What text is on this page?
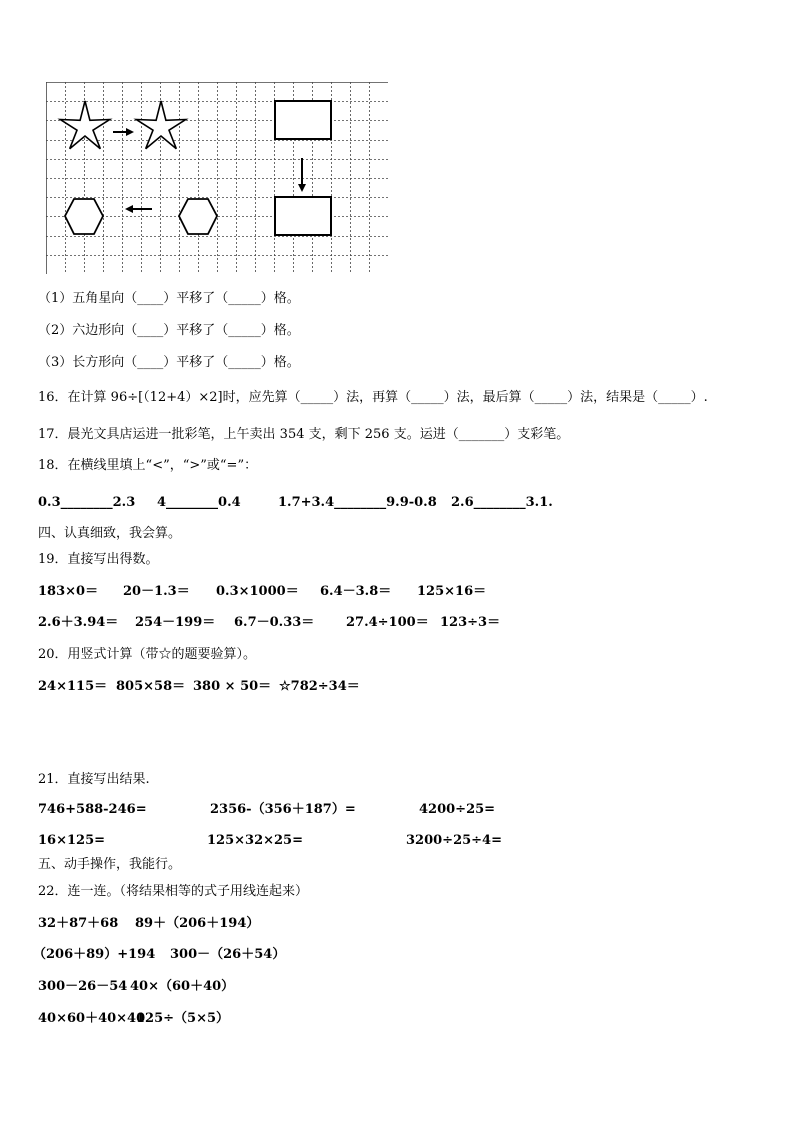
（1）五角星向（____）平移了（_____）格。
（2）六边形向（____）平移了（_____）格。
（3）长方形向（____）平移了（_____）格。
16．在计算 96÷[（12+4）×2]时，应先算（_____）法，再算（_____）法，最后算（_____）法，结果是（_____）.
17．晨光文具店运进一批彩笔，上午卖出 354 支，剩下 256 支。运进（_______）支彩笔。
18．在横线里填上“<”，“>”或“=”：
0.3________2.3 4________0.4	1.7+3.4________9.9-0.8 2.6________3.1.
四、认真细致，我会算。
19．直接写出得数。
183×0＝ 20－1.3＝ 0.3×1000＝ 6.4－3.8＝ 125×16＝
2.6＋3.94＝ 254－199＝ 6.7－0.33＝ 27.4÷100＝ 123÷3＝
20．用竖式计算（带☆的题要验算）。
24×115＝ 805×58＝ 380 × 50＝ ☆782÷34＝
21．直接写出结果.
746+588-246=	2356-（356＋187）=	4200÷25=
16×125=	125×32×25=	3200÷25÷4=
五、动手操作，我能行。
22．连一连。（将结果相等的式子用线连起来）
32＋87＋68 89＋（206＋194）
（206＋89）+194 300－（26＋54）
300－26－54 40×（60＋40）
40×60＋40×40
125÷（5×5）
